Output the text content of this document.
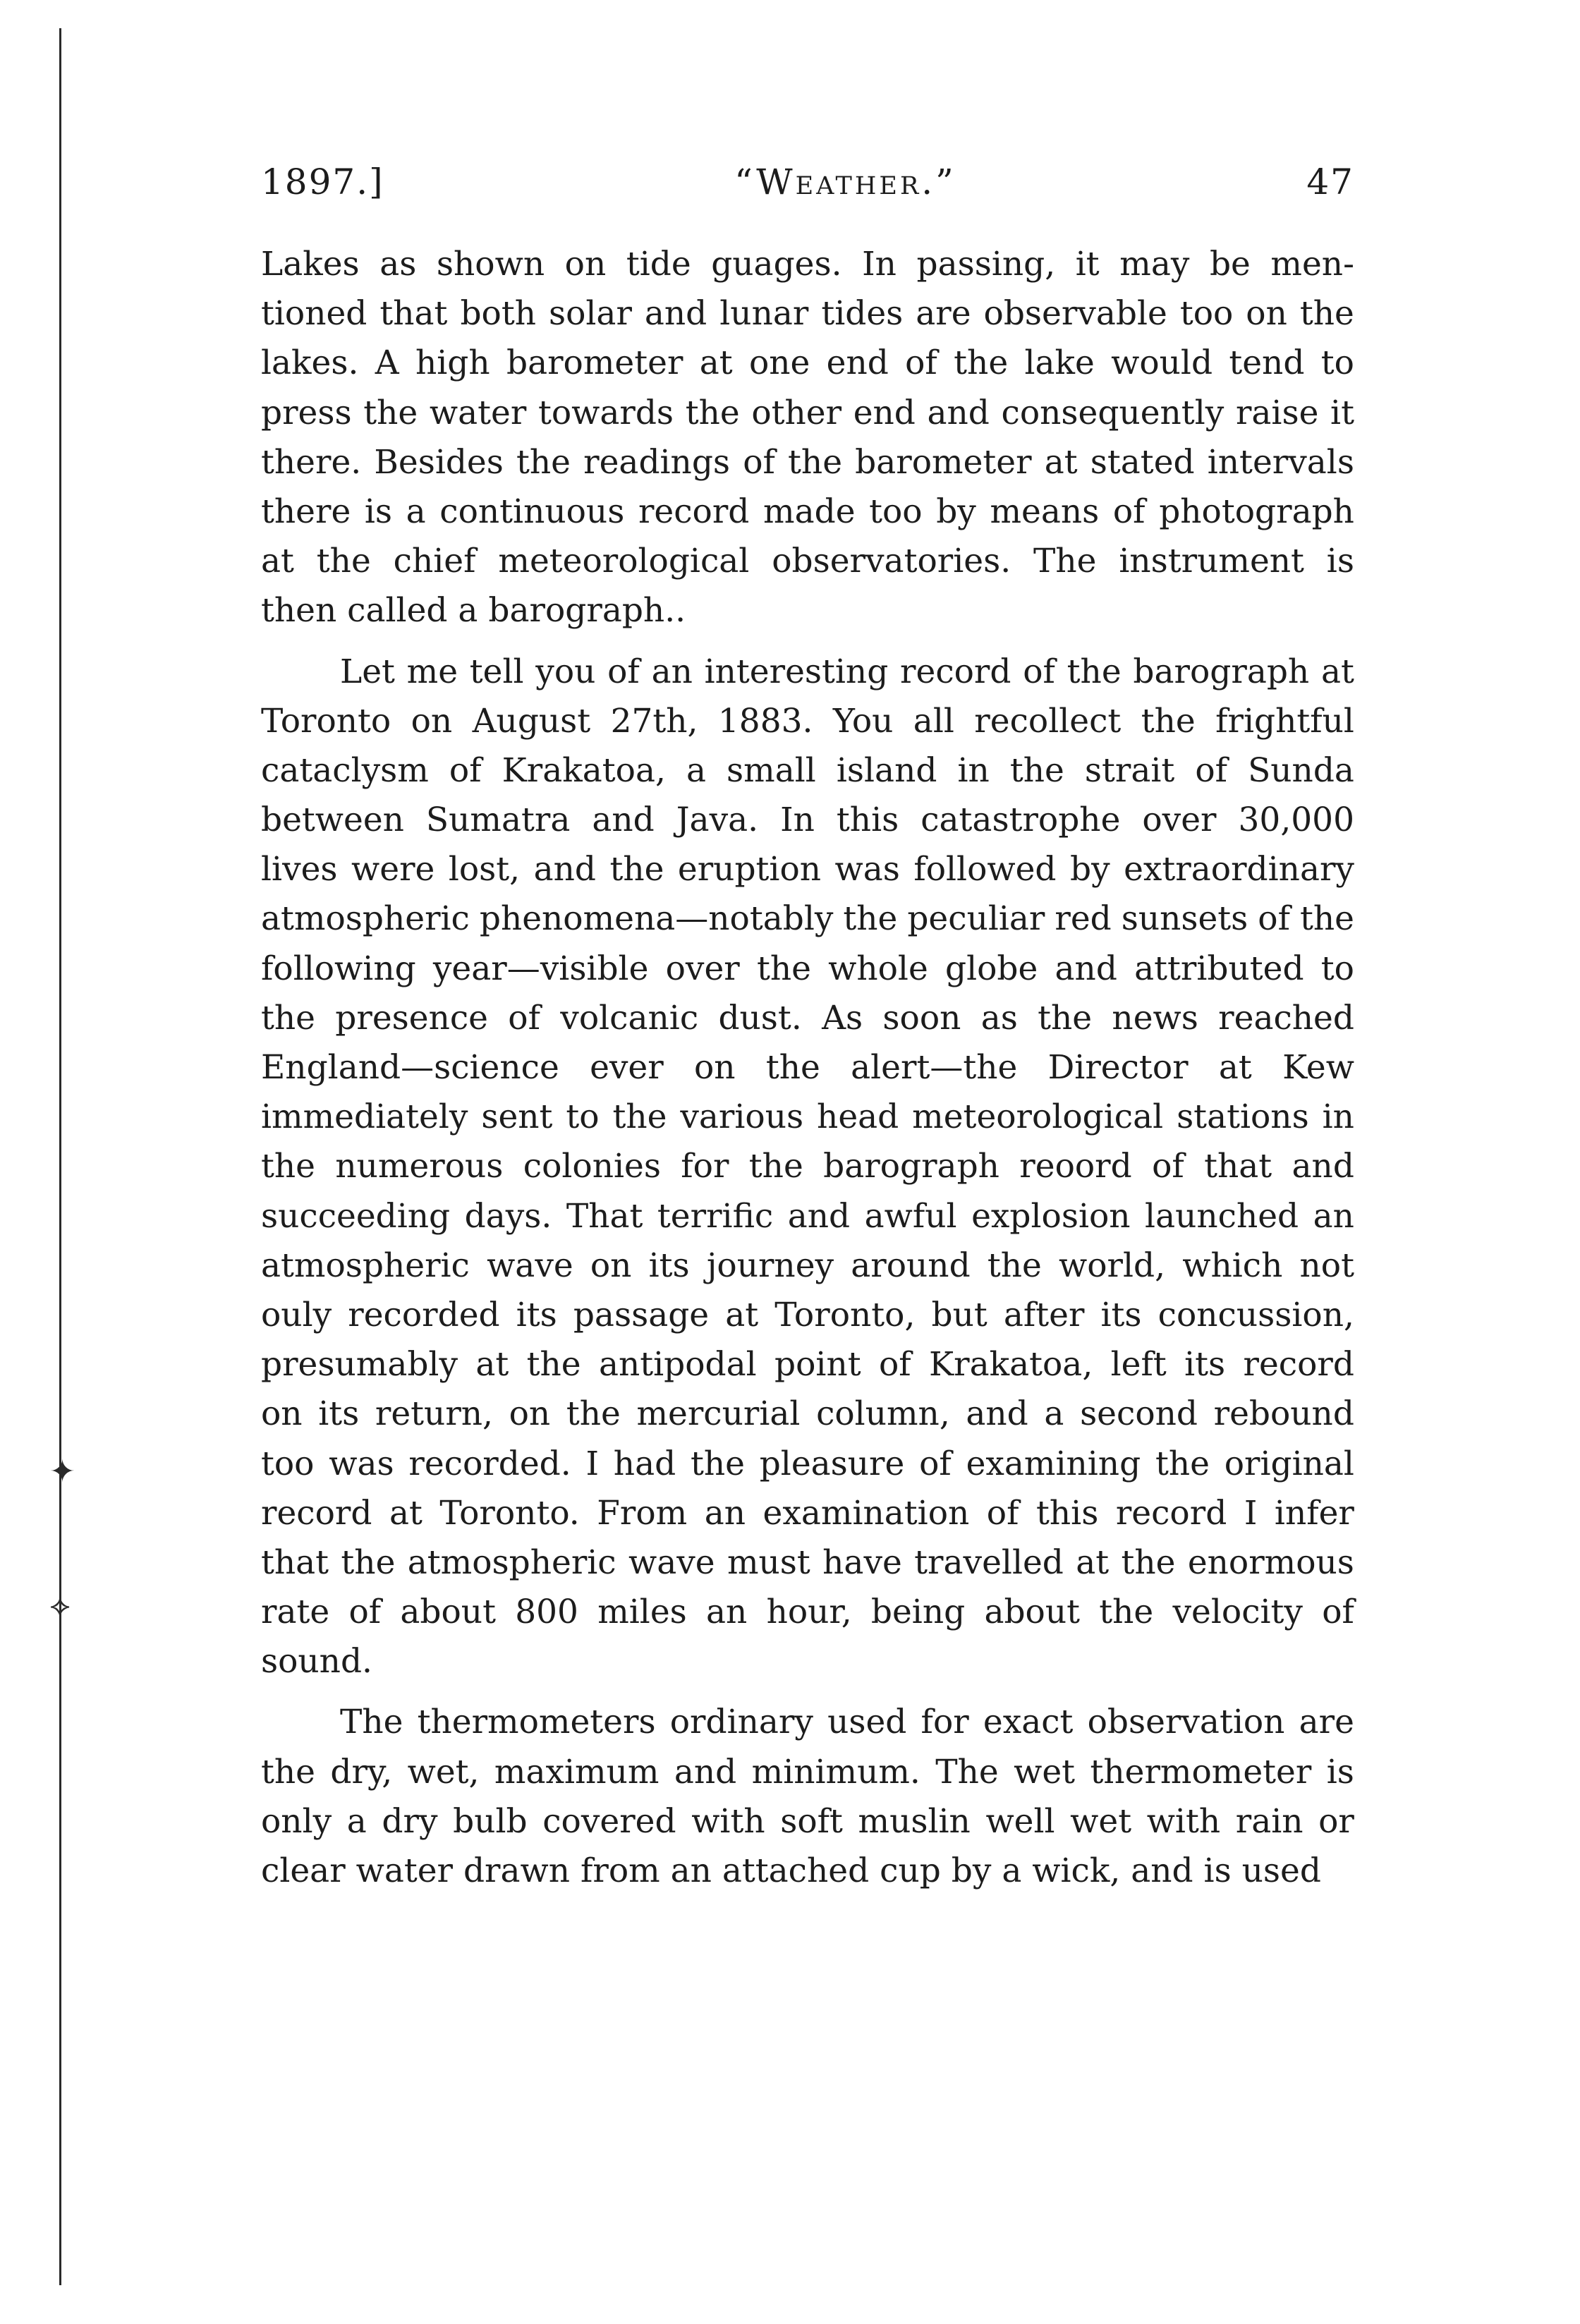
✦
⟡
1897.]	“Weather.”	47
Lakes as shown on tide guages. In passing, it may be men-
tioned that both solar and lunar tides are observable too on the
lakes. A high barometer at one end of the lake would tend to
press the water towards the other end and consequently raise it
there. Besides the readings of the barometer at stated intervals
there is a continuous record made too by means of photograph
at the chief meteorological observatories. The instrument is
then called a barograph..
Let me tell you of an interesting record of the barograph at
Toronto on August 27th, 1883. You all recollect the frightful
cataclysm of Krakatoa, a small island in the strait of Sunda
between Sumatra and Java. In this catastrophe over 30,000
lives were lost, and the eruption was followed by extraordinary
atmospheric phenomena—notably the peculiar red sunsets of the
following year—visible over the whole globe and attributed to
the presence of volcanic dust. As soon as the news reached
England—science ever on the alert—the Director at Kew
immediately sent to the various head meteorological stations in
the numerous colonies for the barograph reoord of that and
succeeding days. That terrific and awful explosion launched an
atmospheric wave on its journey around the world, which not
ouly recorded its passage at Toronto, but after its concussion,
presumably at the antipodal point of Krakatoa, left its record
on its return, on the mercurial column, and a second rebound
too was recorded. I had the pleasure of examining the original
record at Toronto. From an examination of this record I infer
that the atmospheric wave must have travelled at the enormous
rate of about 800 miles an hour, being about the velocity of
sound.
The thermometers ordinary used for exact observation are
the dry, wet, maximum and minimum. The wet thermometer is
only a dry bulb covered with soft muslin well wet with rain or
clear water drawn from an attached cup by a wick, and is used
